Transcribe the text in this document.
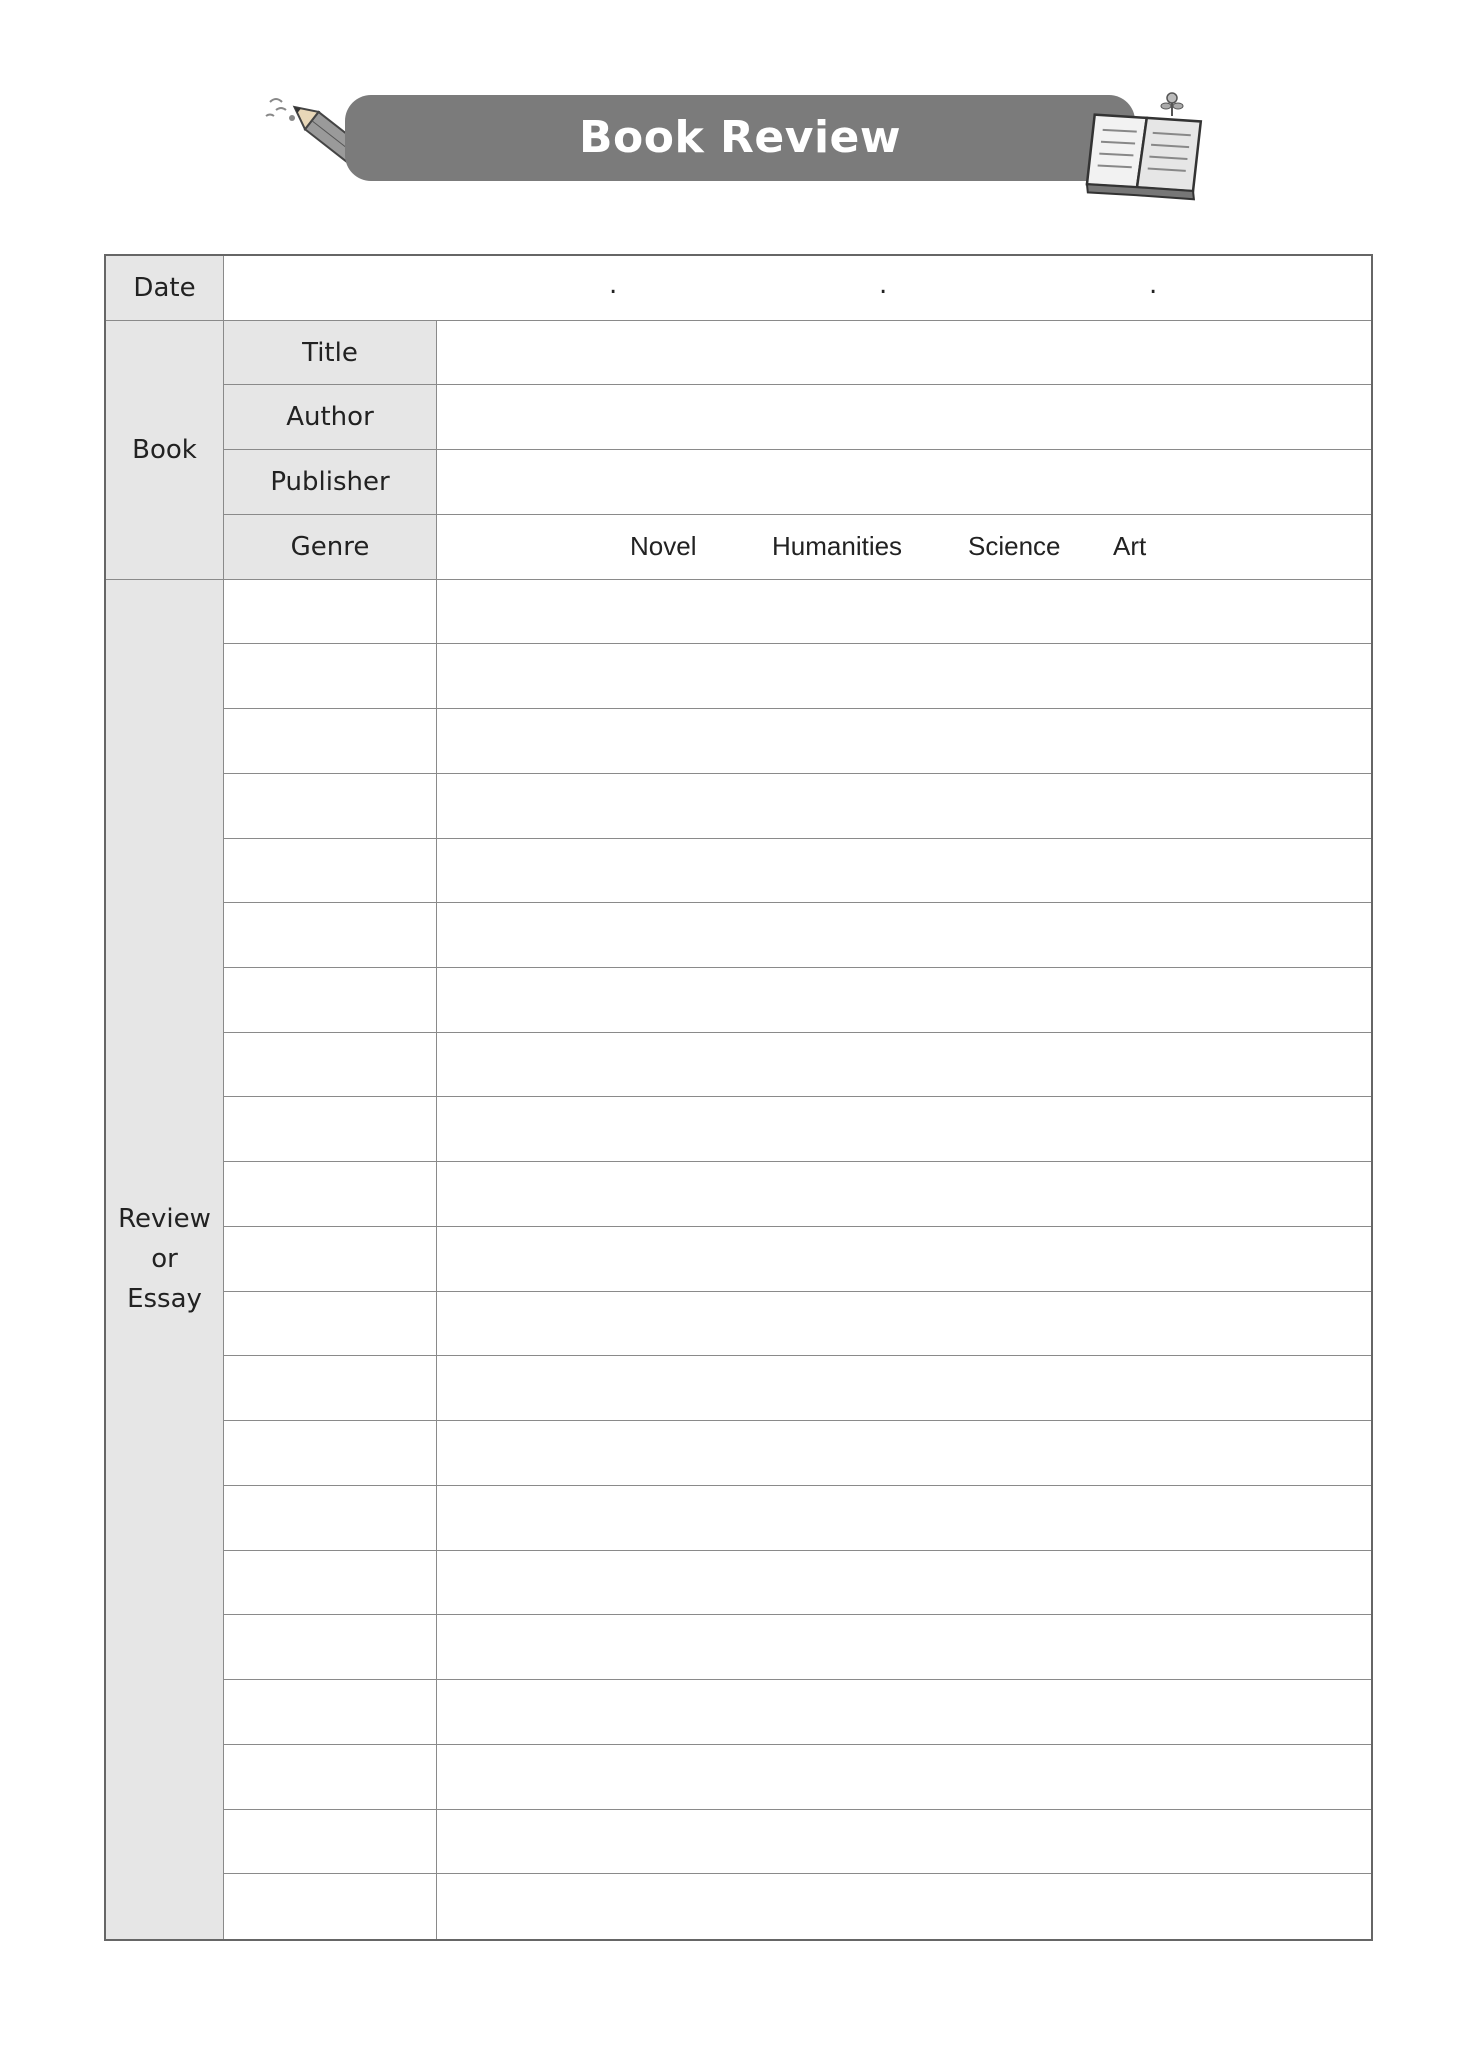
Book Review
Date	.	.	.
Book
Title
Author
Publisher
Genre	Novel	Humanities	Science Art
Review
or
Essay
